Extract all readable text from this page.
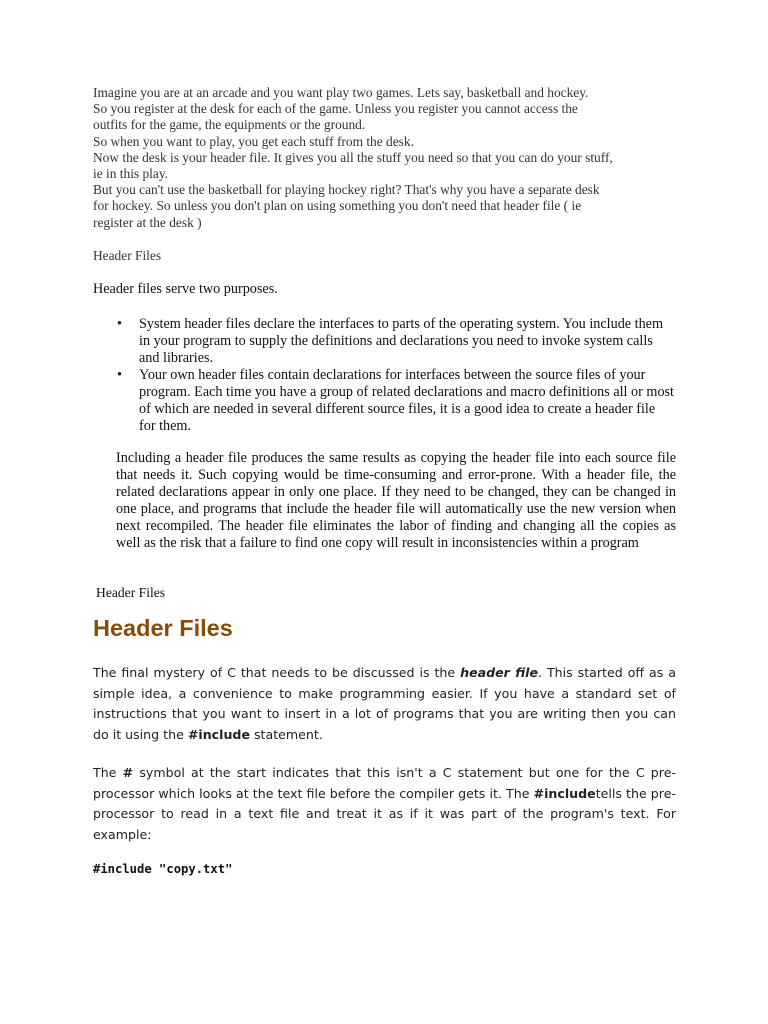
Imagine you are at an arcade and you want play two games. Lets say, basketball and hockey.
So you register at the desk for each of the game. Unless you register you cannot access the
outfits for the game, the equipments or the ground.
So when you want to play, you get each stuff from the desk.
Now the desk is your header file. It gives you all the stuff you need so that you can do your stuff,
ie in this play.
But you can't use the basketball for playing hockey right? That's why you have a separate desk
for hockey. So unless you don't plan on using something you don't need that header file ( ie
register at the desk )
Header Files
Header files serve two purposes.
• System header files declare the interfaces to parts of the operating system. You include them in your program to supply the definitions and declarations you need to invoke system calls and libraries.
• Your own header files contain declarations for interfaces between the source files of your program. Each time you have a group of related declarations and macro definitions all or most of which are needed in several different source files, it is a good idea to create a header file for them.

Including a header file produces the same results as copying the header file into each source file that needs it. Such copying would be time-consuming and error-prone. With a header file, the related declarations appear in only one place. If they need to be changed, they can be changed in one place, and programs that include the header file will automatically use the new version when next recompiled. The header file eliminates the labor of finding and changing all the copies as well as the risk that a failure to find one copy will result in inconsistencies within a program

Header Files
Header Files

The final mystery of C that needs to be discussed is the header file. This started off as a simple idea, a convenience to make programming easier. If you have a standard set of instructions that you want to insert in a lot of programs that you are writing then you can do it using the #include statement.

The # symbol at the start indicates that this isn't a C statement but one for the C pre-processor which looks at the text file before the compiler gets it. The #includetells the pre-processor to read in a text file and treat it as if it was part of the program's text. For example:

#include "copy.txt"
